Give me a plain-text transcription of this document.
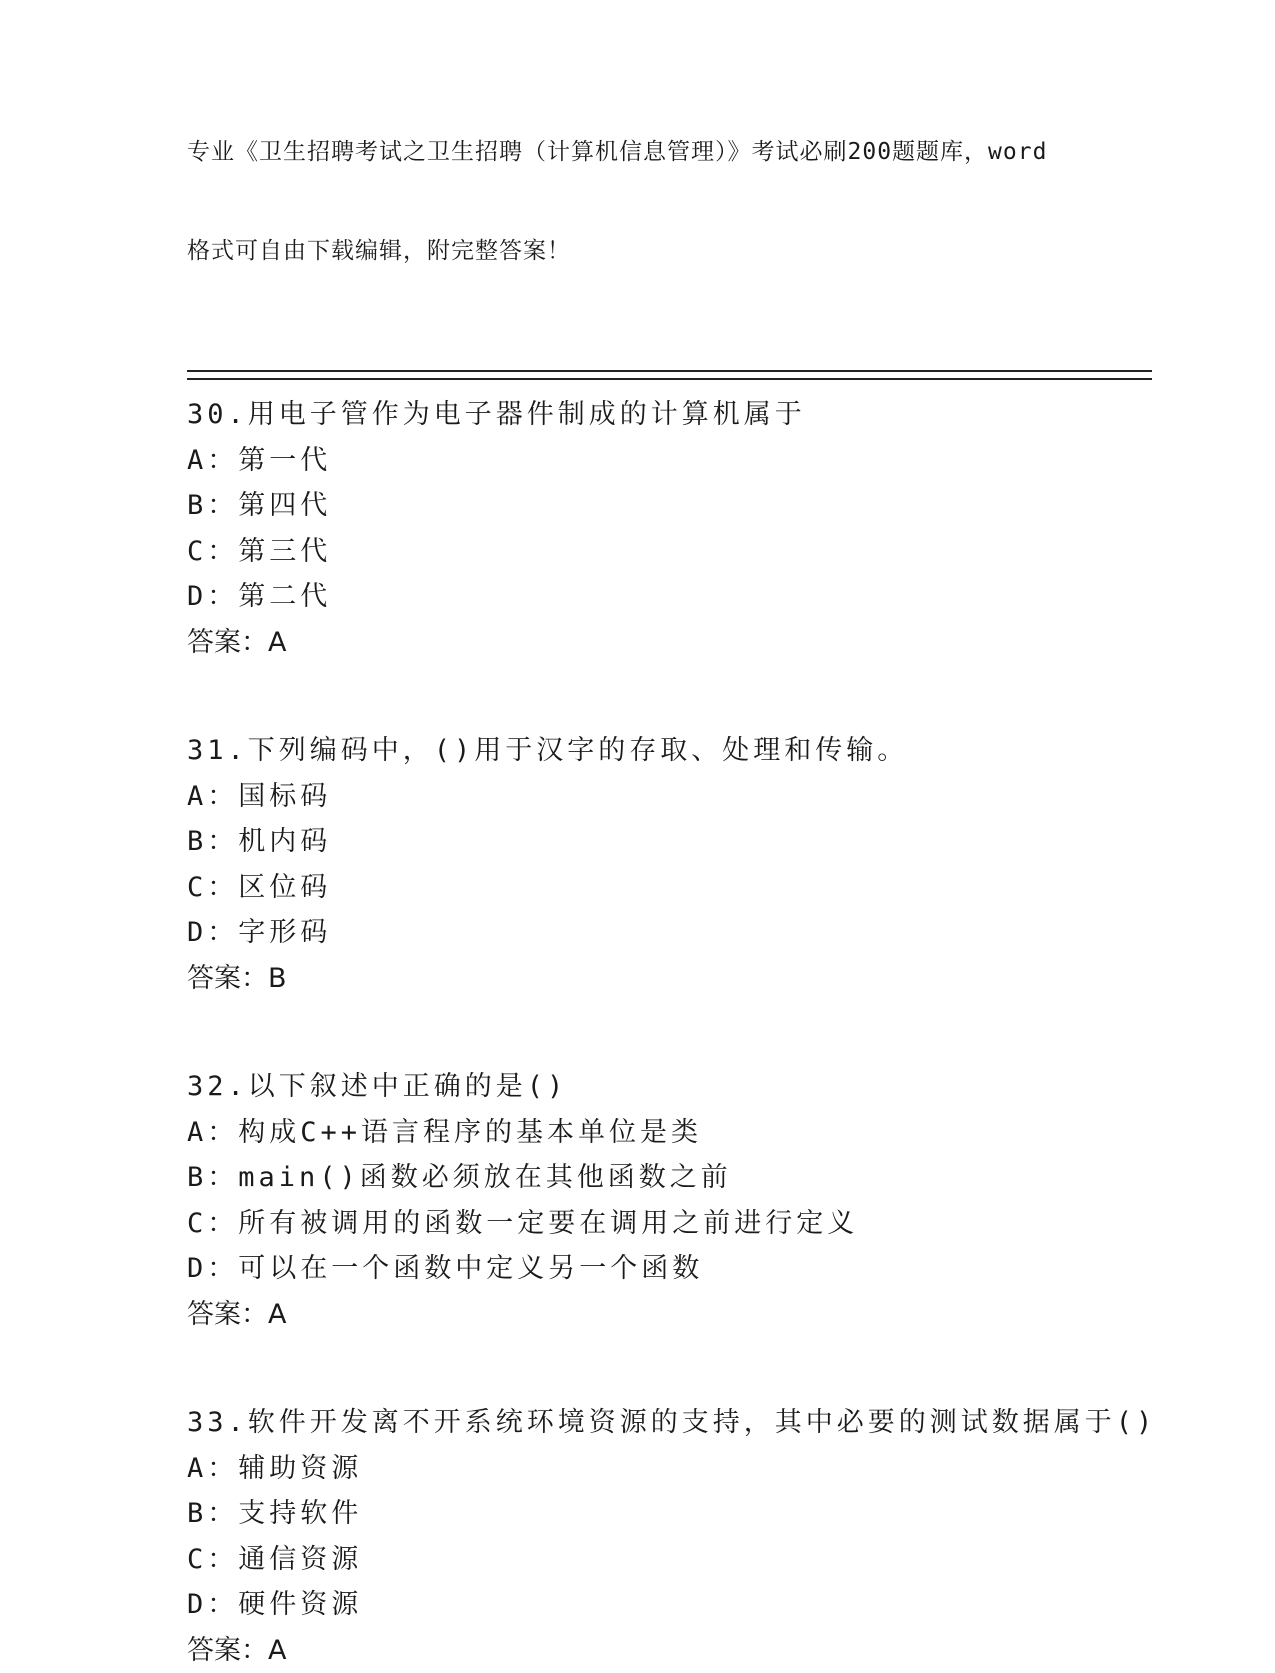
专业《卫生招聘考试之卫生招聘（计算机信息管理）》考试必刷200题题库，word

格式可自由下载编辑，附完整答案！

30.用电子管作为电子器件制成的计算机属于
A：第一代
B：第四代
C：第三代
D：第二代
答案：A
31.下列编码中，()用于汉字的存取、处理和传输。
A：国标码
B：机内码
C：区位码
D：字形码
答案：B
32.以下叙述中正确的是()
A：构成C++语言程序的基本单位是类
B：main()函数必须放在其他函数之前
C：所有被调用的函数一定要在调用之前进行定义
D：可以在一个函数中定义另一个函数
答案：A
33.软件开发离不开系统环境资源的支持，其中必要的测试数据属于()
A：辅助资源
B：支持软件
C：通信资源
D：硬件资源
答案：A
